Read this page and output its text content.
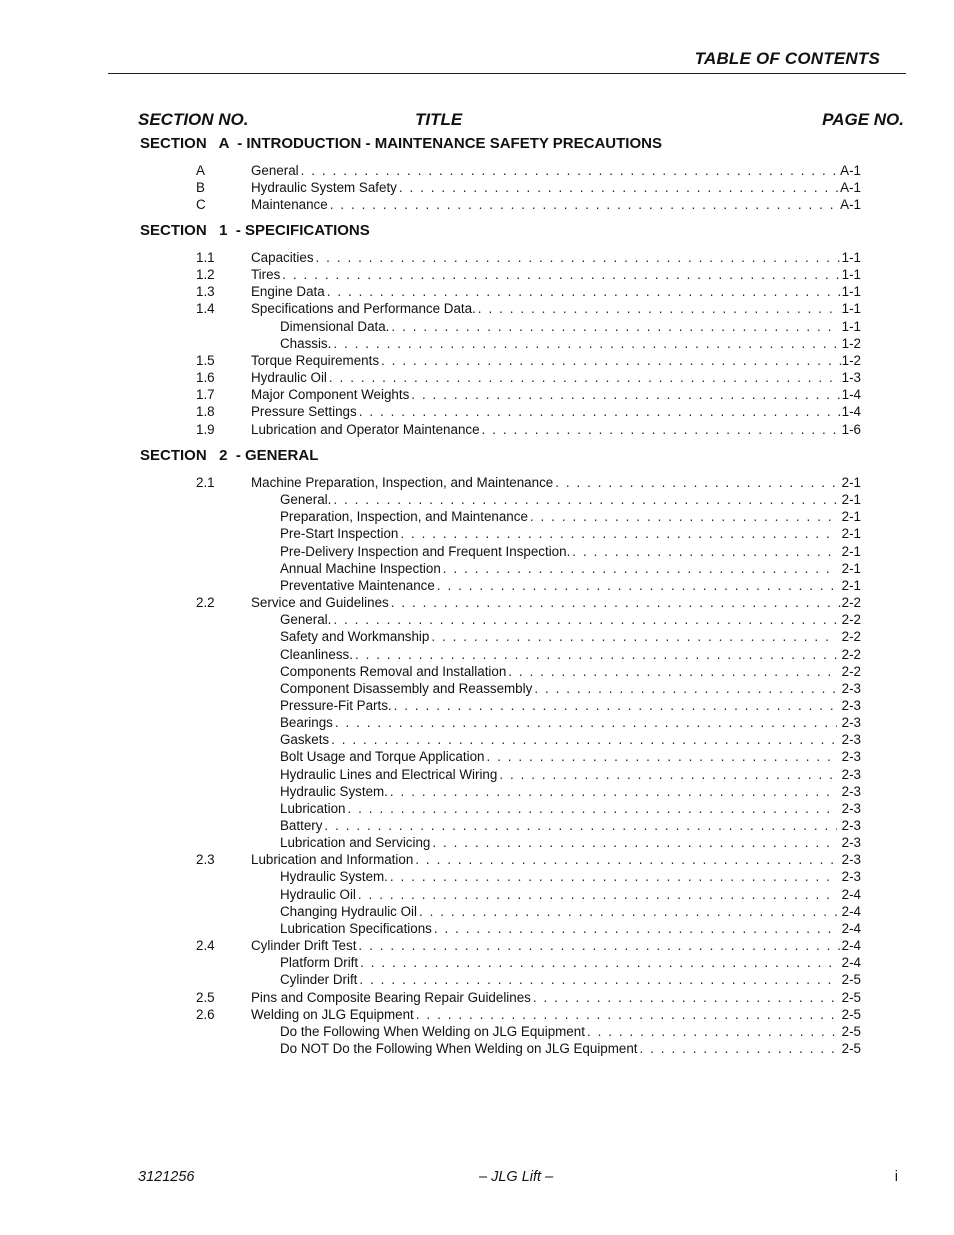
TABLE OF CONTENTS
SECTION NO.	TITLE	PAGE NO.
SECTION   A  - INTRODUCTION - MAINTENANCE SAFETY PRECAUTIONS
A	General . . .	A-1
B	Hydraulic System Safety . . .	A-1
C	Maintenance . . .	A-1
SECTION   1  - SPECIFICATIONS
1.1	Capacities . . .	1-1
1.2	Tires . . .	1-1
1.3	Engine Data . . .	1-1
1.4	Specifications and Performance Data. . . .	1-1
Dimensional Data. . . .	1-1
Chassis. . . .	1-2
1.5	Torque Requirements . . .	1-2
1.6	Hydraulic Oil . . .	1-3
1.7	Major Component Weights . . .	1-4
1.8	Pressure Settings . . .	1-4
1.9	Lubrication and Operator Maintenance . . .	1-6
SECTION   2  - GENERAL
2.1	Machine Preparation, Inspection, and Maintenance . . .	2-1
General. . . .	2-1
Preparation, Inspection, and Maintenance . . .	2-1
Pre-Start Inspection . . .	2-1
Pre-Delivery Inspection and Frequent Inspection. . . .	2-1
Annual Machine Inspection . . .	2-1
Preventative Maintenance . . .	2-1
2.2	Service and Guidelines . . .	2-2
General. . . .	2-2
Safety and Workmanship . . .	2-2
Cleanliness. . . .	2-2
Components Removal and Installation . . .	2-2
Component Disassembly and Reassembly . . .	2-3
Pressure-Fit Parts. . . .	2-3
Bearings . . .	2-3
Gaskets . . .	2-3
Bolt Usage and Torque Application . . .	2-3
Hydraulic Lines and Electrical Wiring . . .	2-3
Hydraulic System. . . .	2-3
Lubrication . . .	2-3
Battery . . .	2-3
Lubrication and Servicing . . .	2-3
2.3	Lubrication and Information . . .	2-3
Hydraulic System. . . .	2-3
Hydraulic Oil . . .	2-4
Changing Hydraulic Oil . . .	2-4
Lubrication Specifications . . .	2-4
2.4	Cylinder Drift Test . . .	2-4
Platform Drift . . .	2-4
Cylinder Drift . . .	2-5
2.5	Pins and Composite Bearing Repair Guidelines . . .	2-5
2.6	Welding on JLG Equipment . . .	2-5
Do the Following When Welding on JLG Equipment . . .	2-5
Do NOT Do the Following When Welding on JLG Equipment . . .	2-5
3121256	– JLG Lift –	i
